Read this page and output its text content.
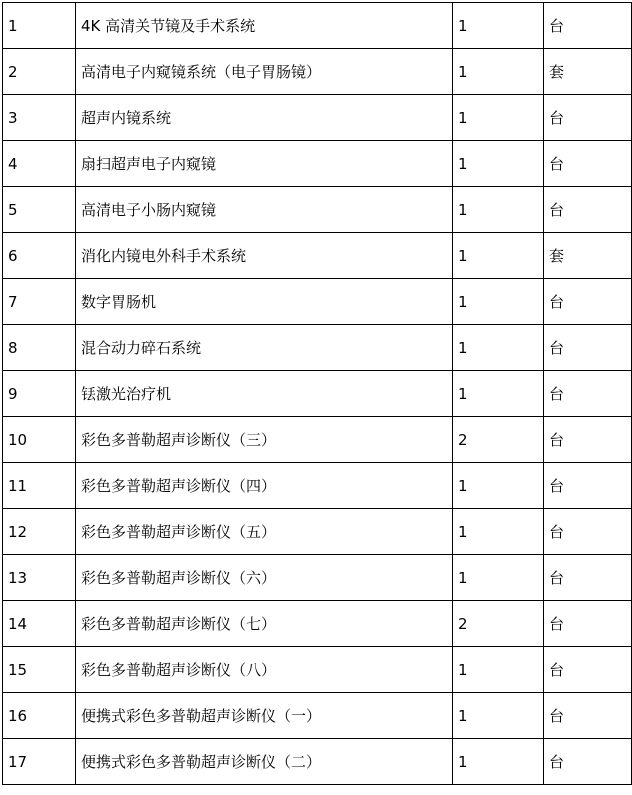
1	4K 高清关节镜及手术系统	1	台
2	高清电子内窥镜系统（电子胃肠镜）	1	套
3	超声内镜系统	1	台
4	扇扫超声电子内窥镜	1	台
5	高清电子小肠内窥镜	1	台
6	消化内镜电外科手术系统	1	套
7	数字胃肠机	1	台
8	混合动力碎石系统	1	台
9	铥激光治疗机	1	台
10	彩色多普勒超声诊断仪（三）	2	台
11	彩色多普勒超声诊断仪（四）	1	台
12	彩色多普勒超声诊断仪（五）	1	台
13	彩色多普勒超声诊断仪（六）	1	台
14	彩色多普勒超声诊断仪（七）	2	台
15	彩色多普勒超声诊断仪（八）	1	台
16	便携式彩色多普勒超声诊断仪（一）	1	台
17	便携式彩色多普勒超声诊断仪（二）	1	台
